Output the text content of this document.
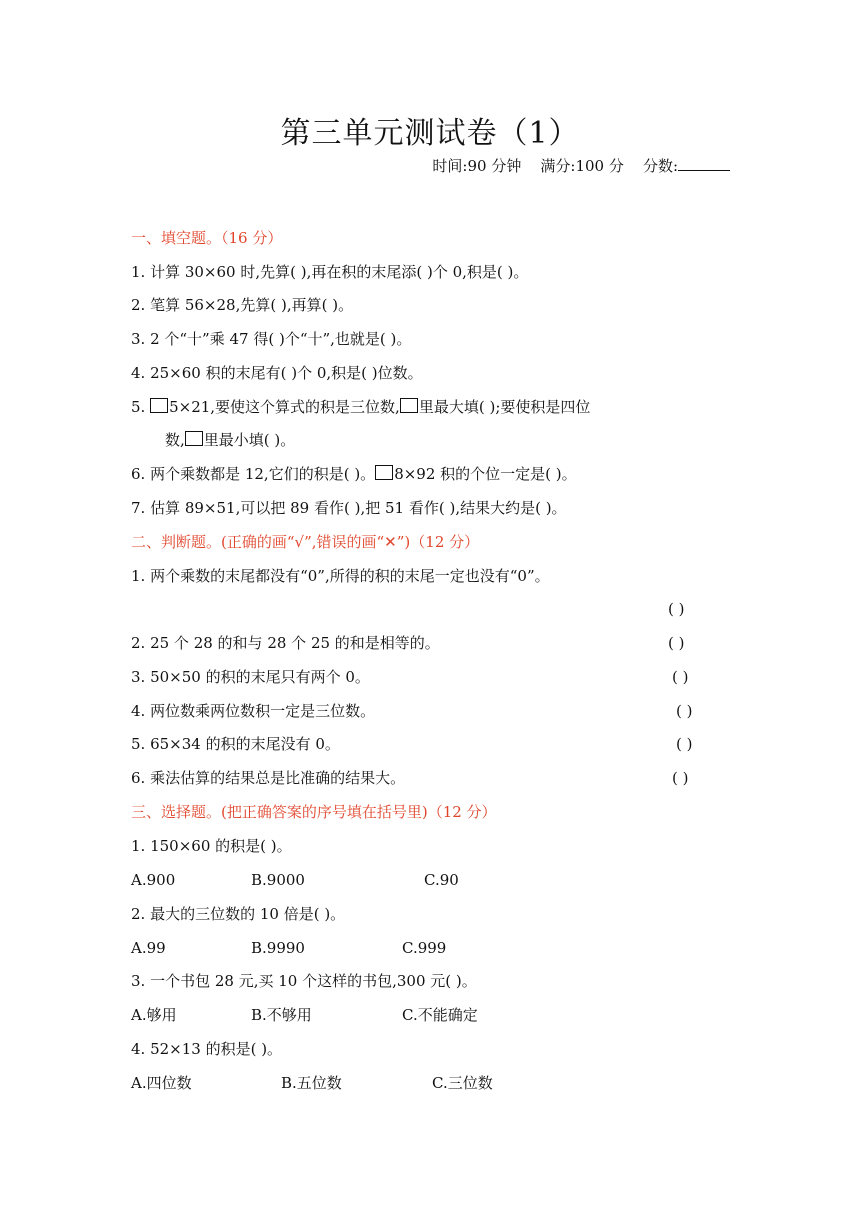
第三单元测试卷（1）
时间:90 分钟 满分:100 分 分数:
一、填空题。（16 分）
1. 计算 30×60 时,先算( ),再在积的末尾添( )个 0,积是( )。
2. 笔算 56×28,先算( ),再算( )。
3. 2 个“十”乘 47 得( )个“十”,也就是( )。
4. 25×60 积的末尾有( )个 0,积是( )位数。
5. 5×21,要使这个算式的积是三位数, 里最大填( );要使积是四位
数, 里最小填( )。
6. 两个乘数都是 12,它们的积是( )。 8×92 积的个位一定是( )。
7. 估算 89×51,可以把 89 看作( ),把 51 看作( ),结果大约是( )。
二、判断题。(正确的画“√”,错误的画“✕”)（12 分）
1. 两个乘数的末尾都没有“0”,所得的积的末尾一定也没有“0”。
( )
2. 25 个 28 的和与 28 个 25 的和是相等的。	( )
3. 50×50 的积的末尾只有两个 0。	( )
4. 两位数乘两位数积一定是三位数。	( )
5. 65×34 的积的末尾没有 0。	( )
6. 乘法估算的结果总是比准确的结果大。	( )
三、选择题。(把正确答案的序号填在括号里)（12 分）
1. 150×60 的积是( )。
A.900	B.9000	C.90
2. 最大的三位数的 10 倍是( )。
A.99	B.9990	C.999
3. 一个书包 28 元,买 10 个这样的书包,300 元( )。
A.够用	B.不够用	C.不能确定
4. 52×13 的积是( )。
A.四位数	B.五位数	C.三位数
